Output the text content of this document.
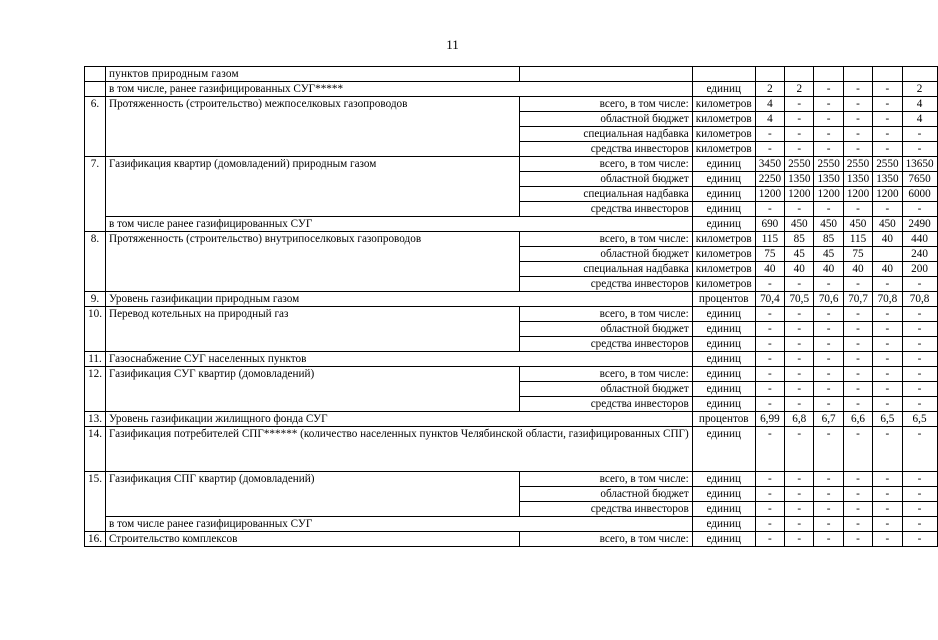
11
	пунктов природным газом								
	в том числе, ранее газифицированных СУГ*****		единиц	2	2	-	-	-	2
6.	Протяженность (строительство) межпоселковых газопроводов	всего, в том числе:	километров	4	-	-	-	-	4
		областной бюджет	километров	4	-	-	-	-	4
		специальная надбавка	километров	-	-	-	-	-	-
		средства инвесторов	километров	-	-	-	-	-	-
7.	Газификация квартир (домовладений) природным газом	всего, в том числе:	единиц	3450	2550	2550	2550	2550	13650
		областной бюджет	единиц	2250	1350	1350	1350	1350	7650
		специальная надбавка	единиц	1200	1200	1200	1200	1200	6000
		средства инвесторов	единиц	-	-	-	-	-	-
	в том числе ранее газифицированных СУГ		единиц	690	450	450	450	450	2490
8.	Протяженность (строительство) внутрипоселковых газопроводов	всего, в том числе:	километров	115	85	85	115	40	440
		областной бюджет	километров	75	45	45	75		240
		специальная надбавка	километров	40	40	40	40	40	200
		средства инвесторов	километров	-	-	-	-	-	-
9.	Уровень газификации природным газом		процентов	70,4	70,5	70,6	70,7	70,8	70,8
10.	Перевод котельных на природный газ	всего, в том числе:	единиц	-	-	-	-	-	-
		областной бюджет	единиц	-	-	-	-	-	-
		средства инвесторов	единиц	-	-	-	-	-	-
11.	Газоснабжение СУГ населенных пунктов		единиц	-	-	-	-	-	-
12.	Газификация СУГ квартир (домовладений)	всего, в том числе:	единиц	-	-	-	-	-	-
		областной бюджет	единиц	-	-	-	-	-	-
		средства инвесторов	единиц	-	-	-	-	-	-
13.	Уровень газификации жилищного фонда СУГ		процентов	6,99	6,8	6,7	6,6	6,5	6,5
14.	Газификация потребителей СПГ****** (количество населенных пунктов Челябинской области, газифицированных СПГ)		единиц	-	-	-	-	-	-
15.	Газификация СПГ квартир (домовладений)	всего, в том числе:	единиц	-	-	-	-	-	-
		областной бюджет	единиц	-	-	-	-	-	-
		средства инвесторов	единиц	-	-	-	-	-	-
	в том числе ранее газифицированных СУГ		единиц	-	-	-	-	-	-
16.	Строительство комплексов	всего, в том числе:	единиц	-	-	-	-	-	-
